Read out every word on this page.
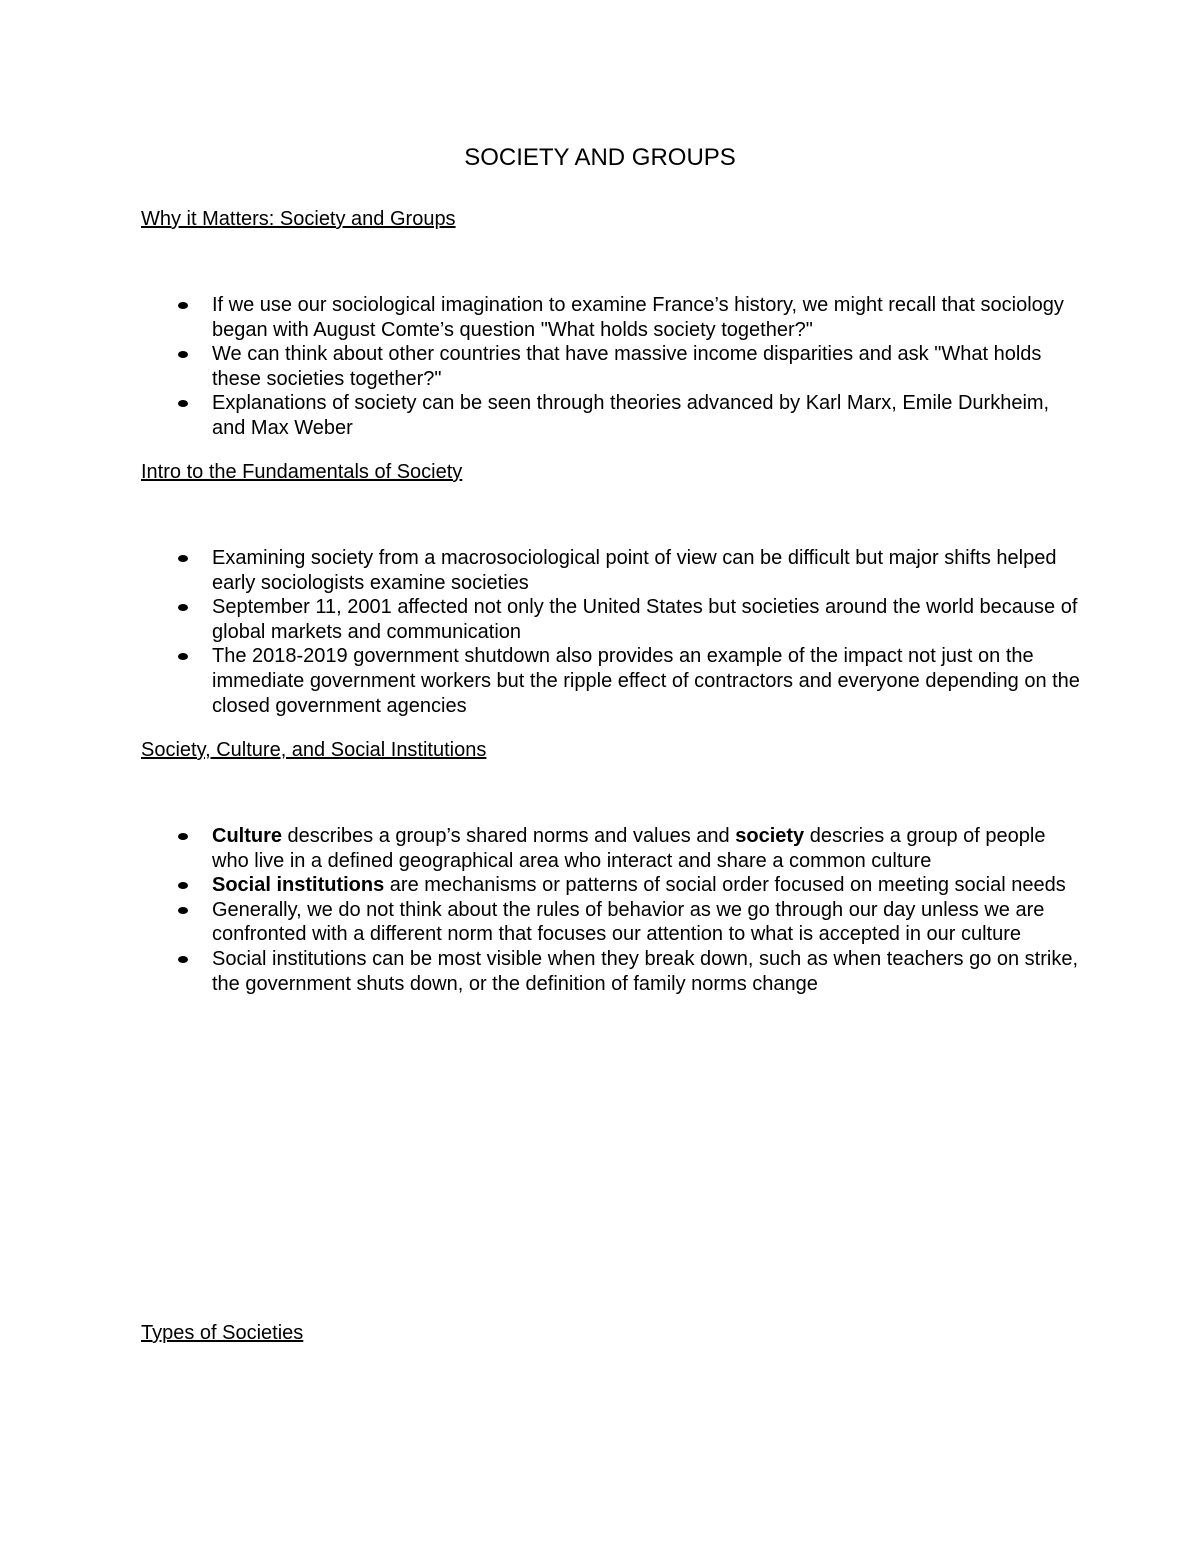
SOCIETY AND GROUPS
Why it Matters: Society and Groups
If we use our sociological imagination to examine France’s history, we might recall that sociology began with August Comte’s question "What holds society together?"
We can think about other countries that have massive income disparities and ask "What holds these societies together?"
Explanations of society can be seen through theories advanced by Karl Marx, Emile Durkheim, and Max Weber
Intro to the Fundamentals of Society
Examining society from a macrosociological point of view can be difficult but major shifts helped early sociologists examine societies
September 11, 2001 affected not only the United States but societies around the world because of global markets and communication
The 2018-2019 government shutdown also provides an example of the impact not just on the immediate government workers but the ripple effect of contractors and everyone depending on the closed government agencies
Society, Culture, and Social Institutions
Culture describes a group’s shared norms and values and society descries a group of people who live in a defined geographical area who interact and share a common culture
Social institutions are mechanisms or patterns of social order focused on meeting social needs
Generally, we do not think about the rules of behavior as we go through our day unless we are confronted with a different norm that focuses our attention to what is accepted in our culture
Social institutions can be most visible when they break down, such as when teachers go on strike, the government shuts down, or the definition of family norms change
Types of Societies
